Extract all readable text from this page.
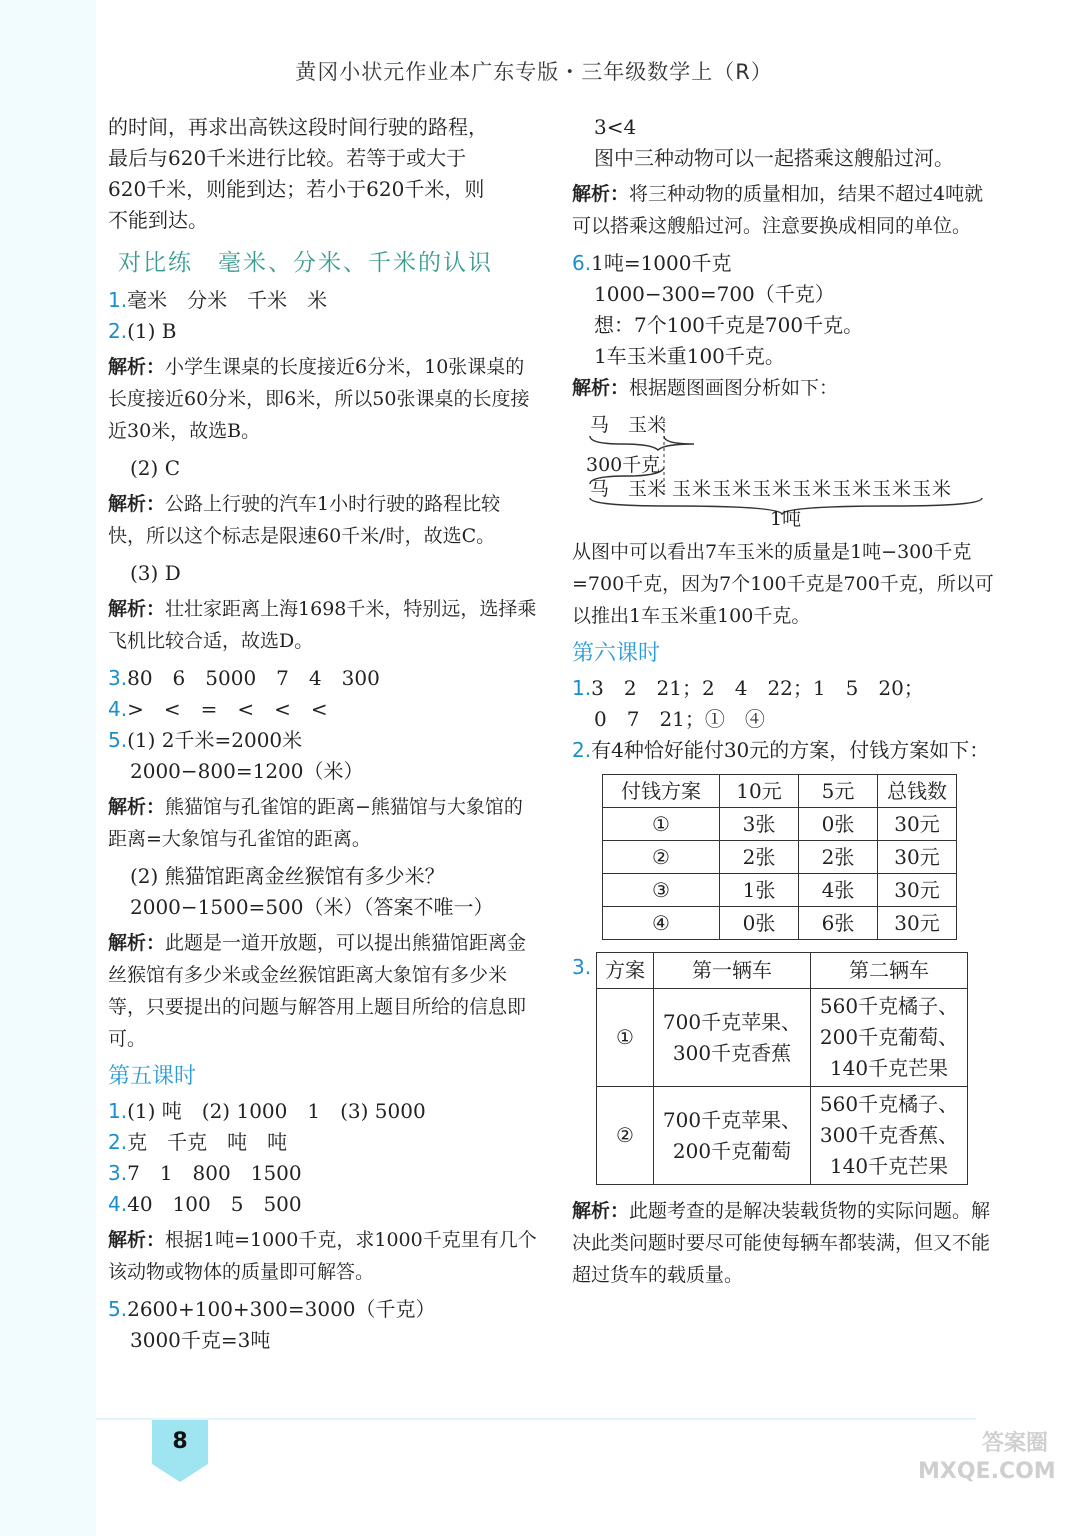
黄冈小状元作业本广东专版・三年级数学上（R）

的时间，再求出高铁这段时间行驶的路程，

最后与620千米进行比较。若等于或大于

620千米，则能到达；若小于620千米，则

不能到达。

对比练　毫米、分米、千米的认识

1.毫米　分米　千米　米

2.(1) B

解析：小学生课桌的长度接近6分米，10张课桌的长度接近60分米，即6米，所以50张课桌的长度接近30米，故选B。

(2) C

解析：公路上行驶的汽车1小时行驶的路程比较快，所以这个标志是限速60千米/时，故选C。

(3) D

解析：壮壮家距离上海1698千米，特别远，选择乘飞机比较合适，故选D。

3.80　6　5000　7　4　300

4.>　<　=　<　<　<

5.(1) 2千米=2000米

2000−800=1200（米）

解析：熊猫馆与孔雀馆的距离−熊猫馆与大象馆的距离=大象馆与孔雀馆的距离。

(2) 熊猫馆距离金丝猴馆有多少米？

2000−1500=500（米）（答案不唯一）

解析：此题是一道开放题，可以提出熊猫馆距离金丝猴馆有多少米或金丝猴馆距离大象馆有多少米等，只要提出的问题与解答用上题目所给的信息即可。

第五课时

1.(1) 吨　(2) 1000　1　(3) 5000

2.克　千克　吨　吨

3.7　1　800　1500

4.40　100　5　500

解析：根据1吨=1000千克，求1000千克里有几个该动物或物体的质量即可解答。

5.2600+100+300=3000（千克）

3000千克=3吨

3<4

图中三种动物可以一起搭乘这艘船过河。

解析：将三种动物的质量相加，结果不超过4吨就可以搭乘这艘船过河。注意要换成相同的单位。

6.1吨=1000千克

1000−300=700（千克）

想：7个100千克是700千克。

1车玉米重100千克。

解析：根据题图画图分析如下：

马　玉米
300千克
马　玉米 玉米玉米玉米玉米玉米玉米玉米
1吨

从图中可以看出7车玉米的质量是1吨−300千克=700千克，因为7个100千克是700千克，所以可以推出1车玉米重100千克。

第六课时

1.3　2　21；2　4　22；1　5　20；

0　7　21；①　④

2.有4种恰好能付30元的方案，付钱方案如下：

付钱方案	10元	5元	总钱数
①	3张	0张	30元
②	2张	2张	30元
③	1张	4张	30元
④	0张	6张	30元
3. 方案	第一辆车	第二辆车
①	700千克苹果、
300千克香蕉	560千克橘子、
200千克葡萄、
140千克芒果
②	700千克苹果、
200千克葡萄	560千克橘子、
300千克香蕉、
140千克芒果

解析：此题考查的是解决装载货物的实际问题。解决此类问题时要尽可能使每辆车都装满，但又不能超过货车的载质量。

8	答案圈 MXQE.COM
